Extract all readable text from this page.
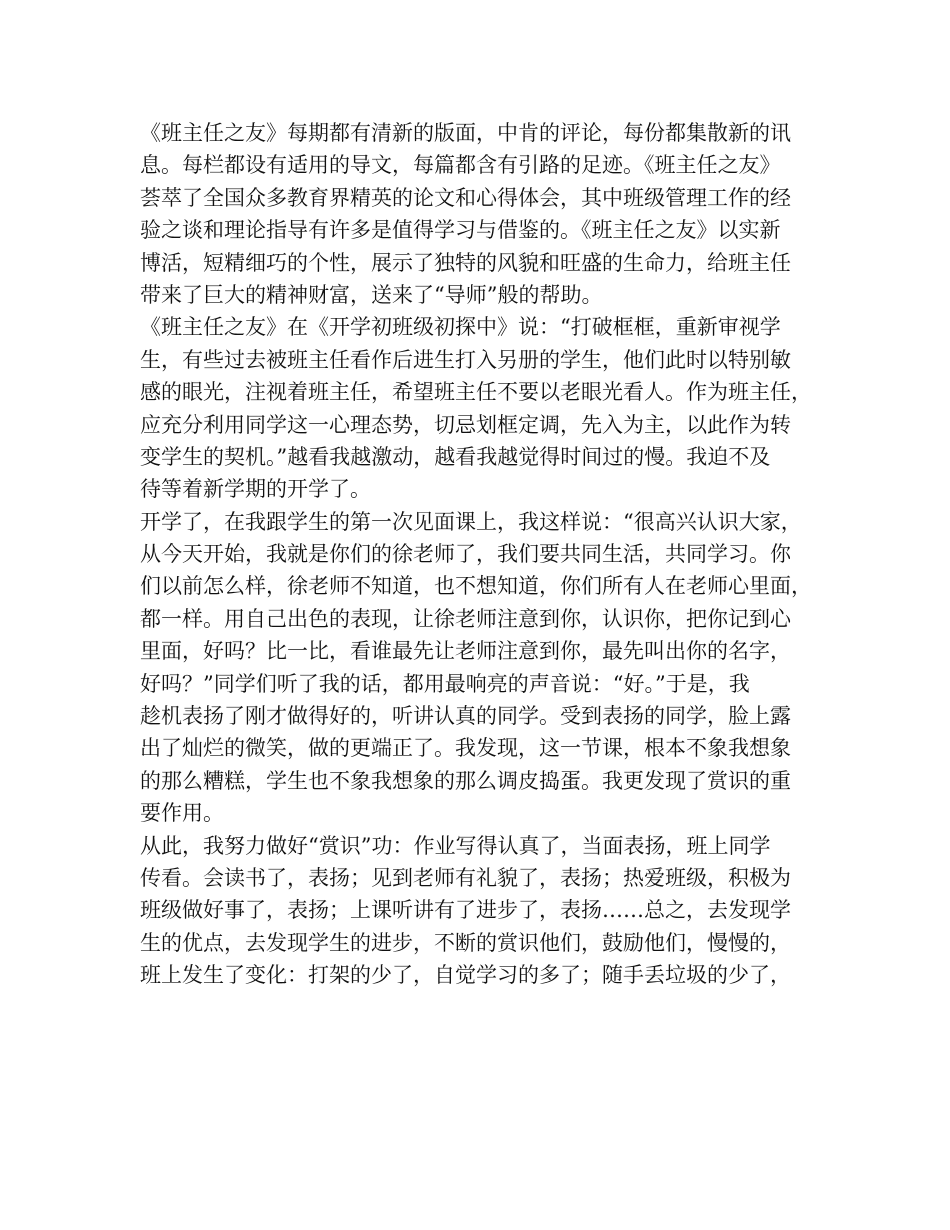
《班主任之友》每期都有清新的版面，中肯的评论，每份都集散新的讯
息。每栏都设有适用的导文，每篇都含有引路的足迹。《班主任之友》
荟萃了全国众多教育界精英的论文和心得体会，其中班级管理工作的经
验之谈和理论指导有许多是值得学习与借鉴的。《班主任之友》以实新
博活，短精细巧的个性，展示了独特的风貌和旺盛的生命力，给班主任
带来了巨大的精神财富，送来了“导师”般的帮助。
《班主任之友》在《开学初班级初探中》说：“打破框框，重新审视学
生，有些过去被班主任看作后进生打入另册的学生，他们此时以特别敏
感的眼光，注视着班主任，希望班主任不要以老眼光看人。作为班主任，
应充分利用同学这一心理态势，切忌划框定调，先入为主，以此作为转
变学生的契机。”越看我越激动，越看我越觉得时间过的慢。我迫不及
待等着新学期的开学了。
开学了，在我跟学生的第一次见面课上，我这样说：“很高兴认识大家，
从今天开始，我就是你们的徐老师了，我们要共同生活，共同学习。你
们以前怎么样，徐老师不知道，也不想知道，你们所有人在老师心里面，
都一样。用自己出色的表现，让徐老师注意到你，认识你，把你记到心
里面，好吗？比一比，看谁最先让老师注意到你，最先叫出你的名字，
好吗？”同学们听了我的话，都用最响亮的声音说：“好。”于是，我
趁机表扬了刚才做得好的，听讲认真的同学。受到表扬的同学，脸上露
出了灿烂的微笑，做的更端正了。我发现，这一节课，根本不象我想象
的那么糟糕，学生也不象我想象的那么调皮捣蛋。我更发现了赏识的重
要作用。
从此，我努力做好“赏识”功：作业写得认真了，当面表扬，班上同学
传看。会读书了，表扬；见到老师有礼貌了，表扬；热爱班级，积极为
班级做好事了，表扬；上课听讲有了进步了，表扬……总之，去发现学
生的优点，去发现学生的进步，不断的赏识他们，鼓励他们，慢慢的，
班上发生了变化：打架的少了，自觉学习的多了；随手丢垃圾的少了，
